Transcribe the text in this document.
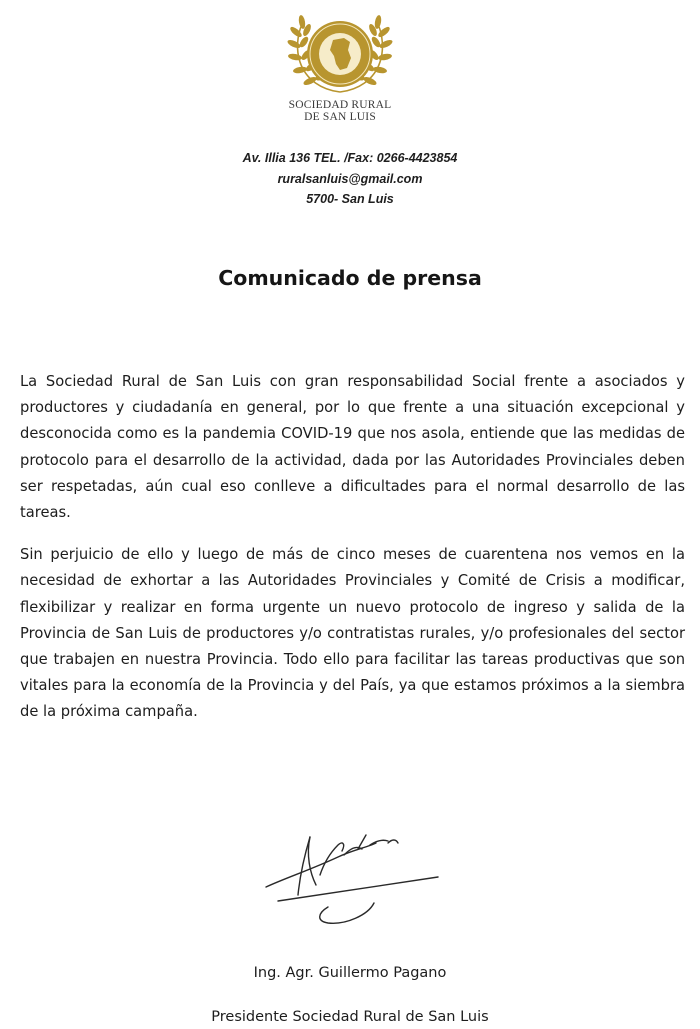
SOCIEDAD RURAL
DE SAN LUIS
Av. Illia 136 TEL. /Fax: 0266-4423854
ruralsanluis@gmail.com
5700- San Luis
Comunicado de prensa

La Sociedad Rural de San Luis con gran responsabilidad Social frente a asociados y productores y ciudadanía en general, por lo que frente a una situación excepcional y desconocida como es la pandemia COVID-19 que nos asola, entiende que las medidas de protocolo para el desarrollo de la actividad, dada por las Autoridades Provinciales deben ser respetadas, aún cual eso conlleve a dificultades para el normal desarrollo de las tareas.

Sin perjuicio de ello y luego de más de cinco meses de cuarentena nos vemos en la necesidad de exhortar a las Autoridades Provinciales y Comité de Crisis a modificar, flexibilizar y realizar en forma urgente un nuevo protocolo de ingreso y salida de la Provincia de San Luis de productores y/o contratistas rurales, y/o profesionales del sector que trabajen en nuestra Provincia. Todo ello para facilitar las tareas productivas que son vitales para la economía de la Provincia y del País, ya que estamos próximos a la siembra de la próxima campaña.

Ing. Agr. Guillermo Pagano
Presidente Sociedad Rural de San Luis
